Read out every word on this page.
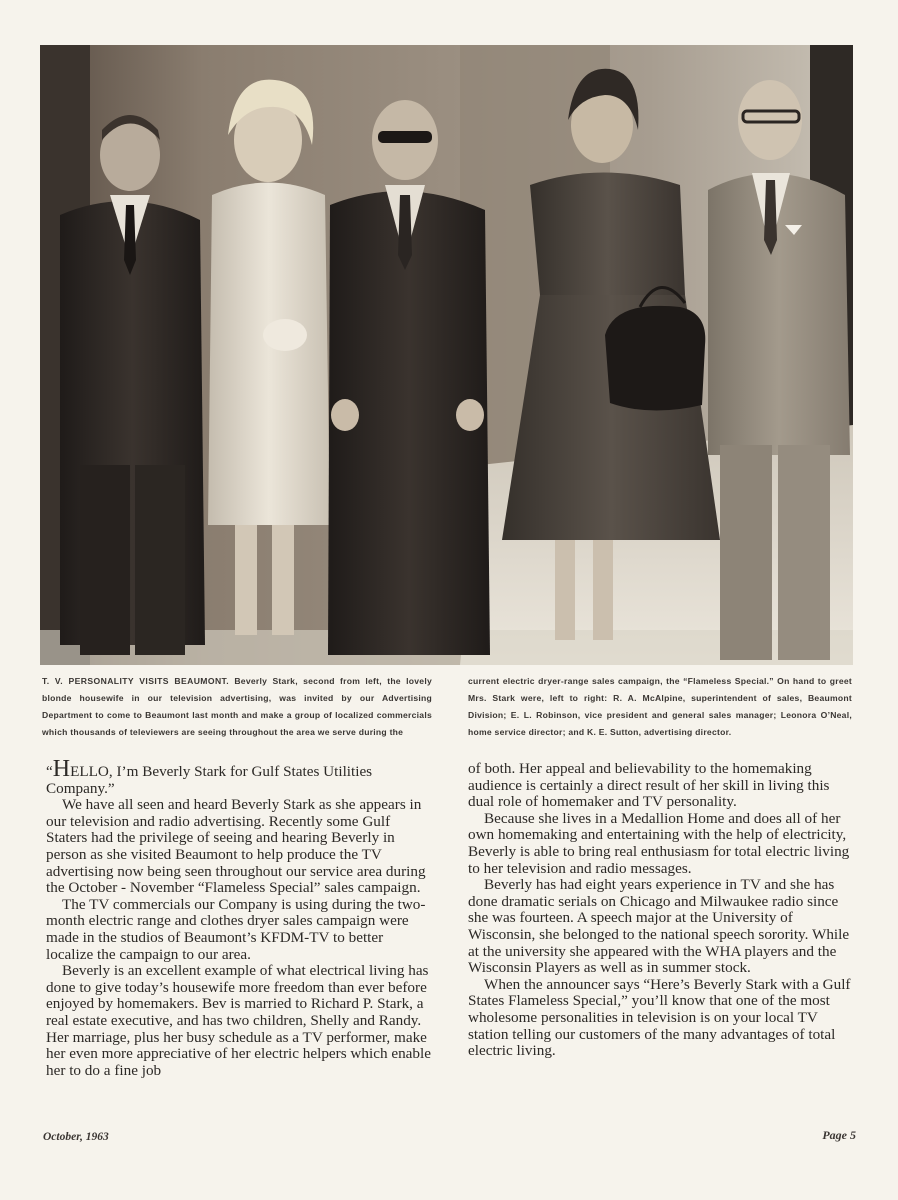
T. V. PERSONALITY VISITS BEAUMONT. Beverly Stark, second from left, the lovely blonde housewife in our television advertising, was invited by our Advertising Department to come to Beaumont last month and make a group of localized commercials which thousands of televiewers are seeing throughout the area we serve during the
current electric dryer-range sales campaign, the “Flameless Special.” On hand to greet Mrs. Stark were, left to right: R. A. McAlpine, superintendent of sales, Beaumont Division; E. L. Robinson, vice president and general sales manager; Leonora O’Neal, home service director; and K. E. Sutton, advertising director.

“HELLO, I’m Beverly Stark for Gulf States Utilities Company.”

We have all seen and heard Beverly Stark as she appears in our television and radio advertising. Recently some Gulf Staters had the privilege of seeing and hearing Beverly in person as she visited Beaumont to help produce the TV advertising now being seen throughout our service area during the October - November “Flameless Special” sales campaign.

The TV commercials our Company is using during the two-month electric range and clothes dryer sales campaign were made in the studios of Beaumont’s KFDM-TV to better localize the campaign to our area.

Beverly is an excellent example of what electrical living has done to give today’s housewife more freedom than ever before enjoyed by homemakers. Bev is married to Richard P. Stark, a real estate executive, and has two children, Shelly and Randy. Her marriage, plus her busy schedule as a TV performer, make her even more appreciative of her electric helpers which enable her to do a fine job

of both. Her appeal and believability to the homemaking audience is certainly a direct result of her skill in living this dual role of homemaker and TV personality.

Because she lives in a Medallion Home and does all of her own homemaking and entertaining with the help of electricity, Beverly is able to bring real enthusiasm for total electric living to her television and radio messages.

Beverly has had eight years experience in TV and she has done dramatic serials on Chicago and Milwaukee radio since she was fourteen. A speech major at the University of Wisconsin, she belonged to the national speech sorority. While at the university she appeared with the WHA players and the Wisconsin Players as well as in summer stock.

When the announcer says “Here’s Beverly Stark with a Gulf States Flameless Special,” you’ll know that one of the most wholesome personalities in television is on your local TV station telling our customers of the many advantages of total electric living.

October, 1963	Page 5
